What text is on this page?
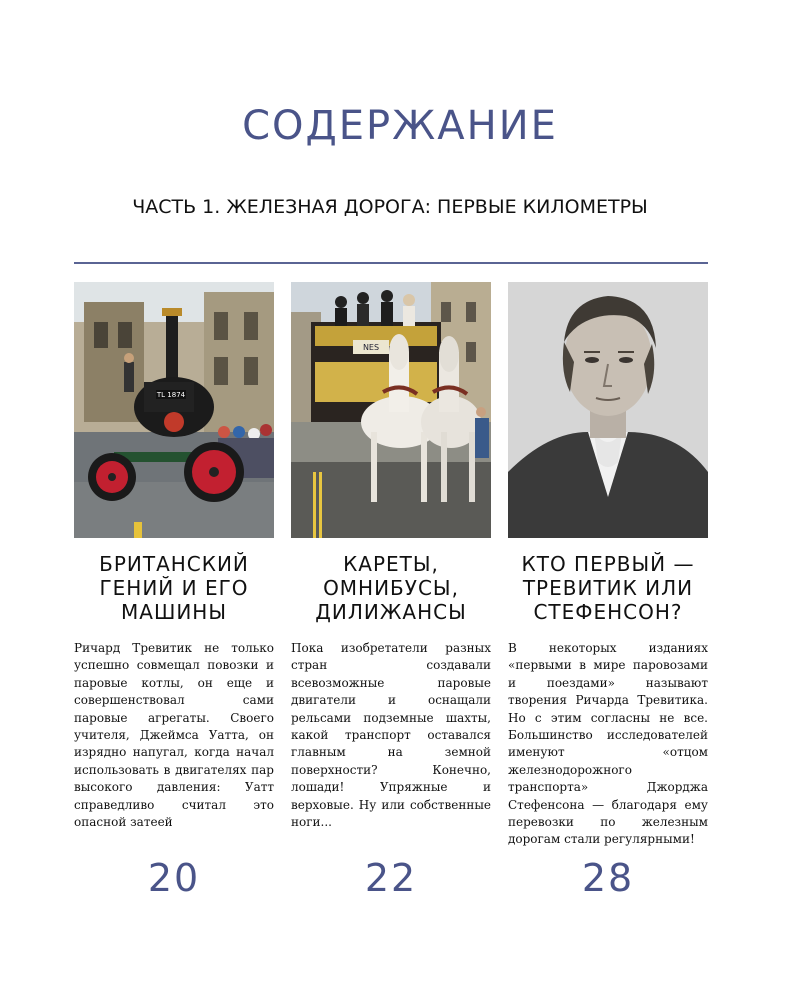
СОДЕРЖАНИЕ
ЧАСТЬ 1. ЖЕЛЕЗНАЯ ДОРОГА: ПЕРВЫЕ КИЛОМЕТРЫ
TL 1874
БРИТАНСКИЙ ГЕНИЙ И ЕГО МАШИНЫ
Ричард Тревитик не только успешно совмещал повозки и паровые котлы, он еще и совершенствовал сами паровые агрегаты. Своего учителя, Джеймса Уатта, он изрядно напугал, когда начал использовать в двигателях пар высокого давления: Уатт справедливо считал это опасной затеей
NES
КАРЕТЫ, ОМНИБУСЫ, ДИЛИЖАНСЫ
Пока изобретатели разных стран создавали всевозможные паровые двигатели и оснащали рельсами подземные шахты, какой транспорт оставался главным на земной поверхности? Конечно, лошади! Упряжные и верховые. Ну или собственные ноги...
КТО ПЕРВЫЙ — ТРЕВИТИК ИЛИ СТЕФЕНСОН?
В некоторых изданиях «первыми в мире паровозами и поездами» называют творения Ричарда Тревитика. Но с этим согласны не все. Большинство исследователей именуют «отцом железнодорожного транспорта» Джорджа Стефенсона — благодаря ему перевозки по железным дорогам стали регулярными!
20	22	28
